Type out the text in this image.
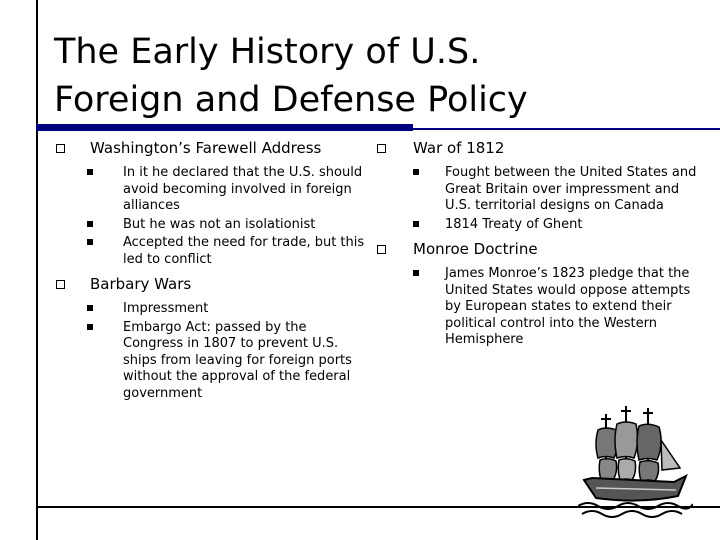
The Early History of U.S.
Foreign and Defense Policy
Washington’s Farewell Address
In it he declared that the U.S. should avoid becoming involved in foreign alliances
But he was not an isolationist
Accepted the need for trade, but this led to conflict
Barbary Wars
Impressment
Embargo Act: passed by the Congress in 1807 to prevent U.S. ships from leaving for foreign ports without the approval of the federal government
War of 1812
Fought between the United States and Great Britain over impressment and U.S. territorial designs on Canada
1814 Treaty of Ghent
Monroe Doctrine
James Monroe’s 1823 pledge that the United States would oppose attempts by European states to extend their political control into the Western Hemisphere
